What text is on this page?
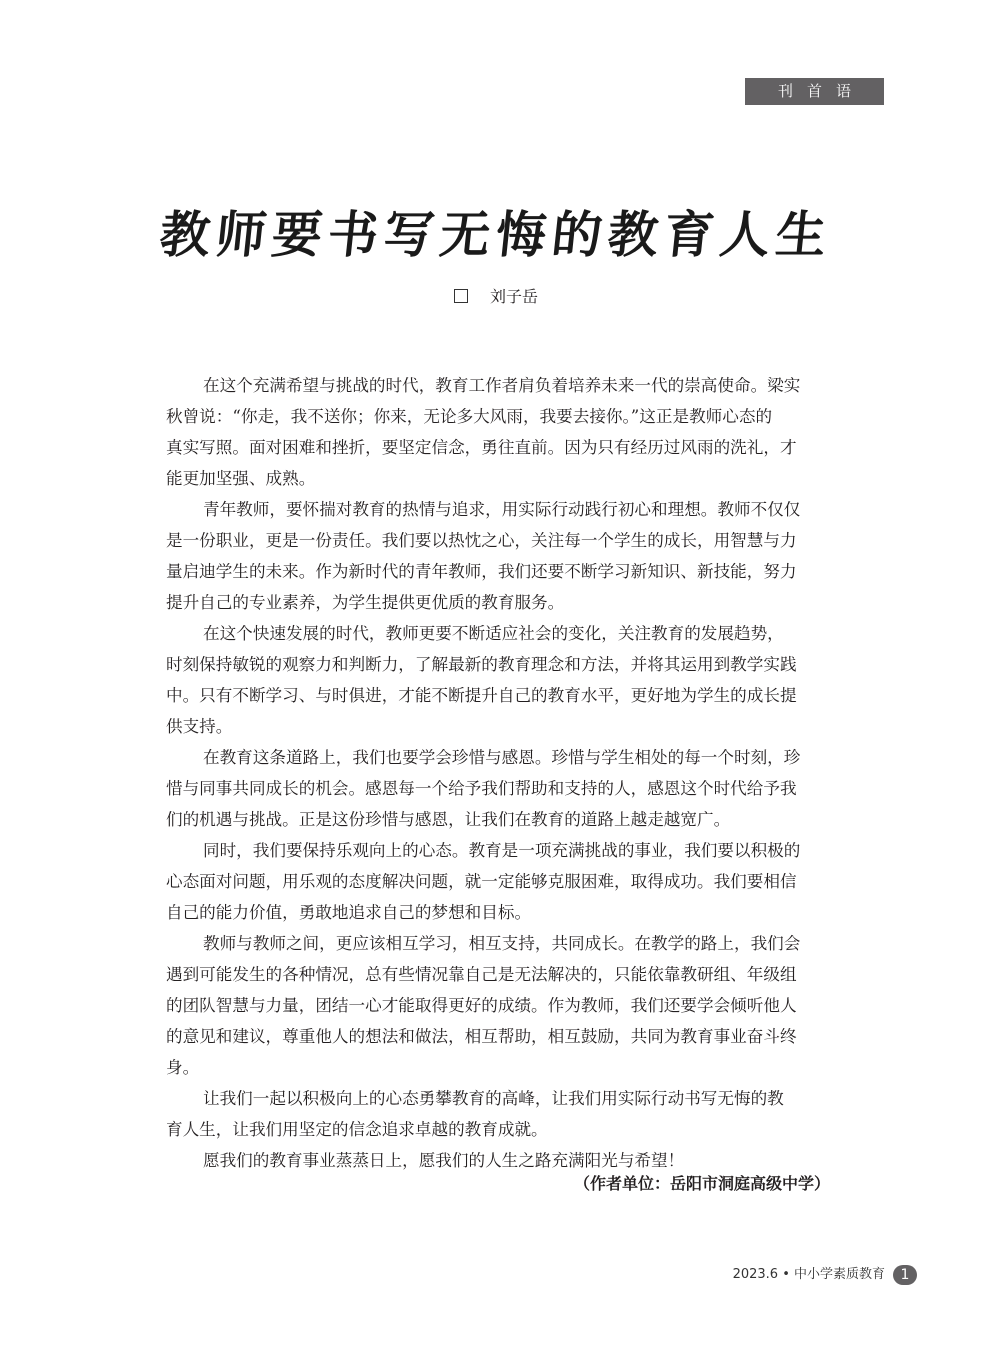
刊首语
教师要书写无悔的教育人生
刘子岳
在这个充满希望与挑战的时代，教育工作者肩负着培养未来一代的崇高使命。梁实
秋曾说：“你走，我不送你；你来，无论多大风雨，我要去接你。”这正是教师心态的
真实写照。面对困难和挫折，要坚定信念，勇往直前。因为只有经历过风雨的洗礼，才
能更加坚强、成熟。
青年教师，要怀揣对教育的热情与追求，用实际行动践行初心和理想。教师不仅仅
是一份职业，更是一份责任。我们要以热忱之心，关注每一个学生的成长，用智慧与力
量启迪学生的未来。作为新时代的青年教师，我们还要不断学习新知识、新技能，努力
提升自己的专业素养，为学生提供更优质的教育服务。
在这个快速发展的时代，教师更要不断适应社会的变化，关注教育的发展趋势，
时刻保持敏锐的观察力和判断力，了解最新的教育理念和方法，并将其运用到教学实践
中。只有不断学习、与时俱进，才能不断提升自己的教育水平，更好地为学生的成长提
供支持。
在教育这条道路上，我们也要学会珍惜与感恩。珍惜与学生相处的每一个时刻，珍
惜与同事共同成长的机会。感恩每一个给予我们帮助和支持的人，感恩这个时代给予我
们的机遇与挑战。正是这份珍惜与感恩，让我们在教育的道路上越走越宽广。
同时，我们要保持乐观向上的心态。教育是一项充满挑战的事业，我们要以积极的
心态面对问题，用乐观的态度解决问题，就一定能够克服困难，取得成功。我们要相信
自己的能力价值，勇敢地追求自己的梦想和目标。
教师与教师之间，更应该相互学习，相互支持，共同成长。在教学的路上，我们会
遇到可能发生的各种情况，总有些情况靠自己是无法解决的，只能依靠教研组、年级组
的团队智慧与力量，团结一心才能取得更好的成绩。作为教师，我们还要学会倾听他人
的意见和建议，尊重他人的想法和做法，相互帮助，相互鼓励，共同为教育事业奋斗终
身。
让我们一起以积极向上的心态勇攀教育的高峰，让我们用实际行动书写无悔的教
育人生，让我们用坚定的信念追求卓越的教育成就。
愿我们的教育事业蒸蒸日上，愿我们的人生之路充满阳光与希望！
（作者单位：岳阳市洞庭高级中学）
2023.6 • 中小学素质教育	1
